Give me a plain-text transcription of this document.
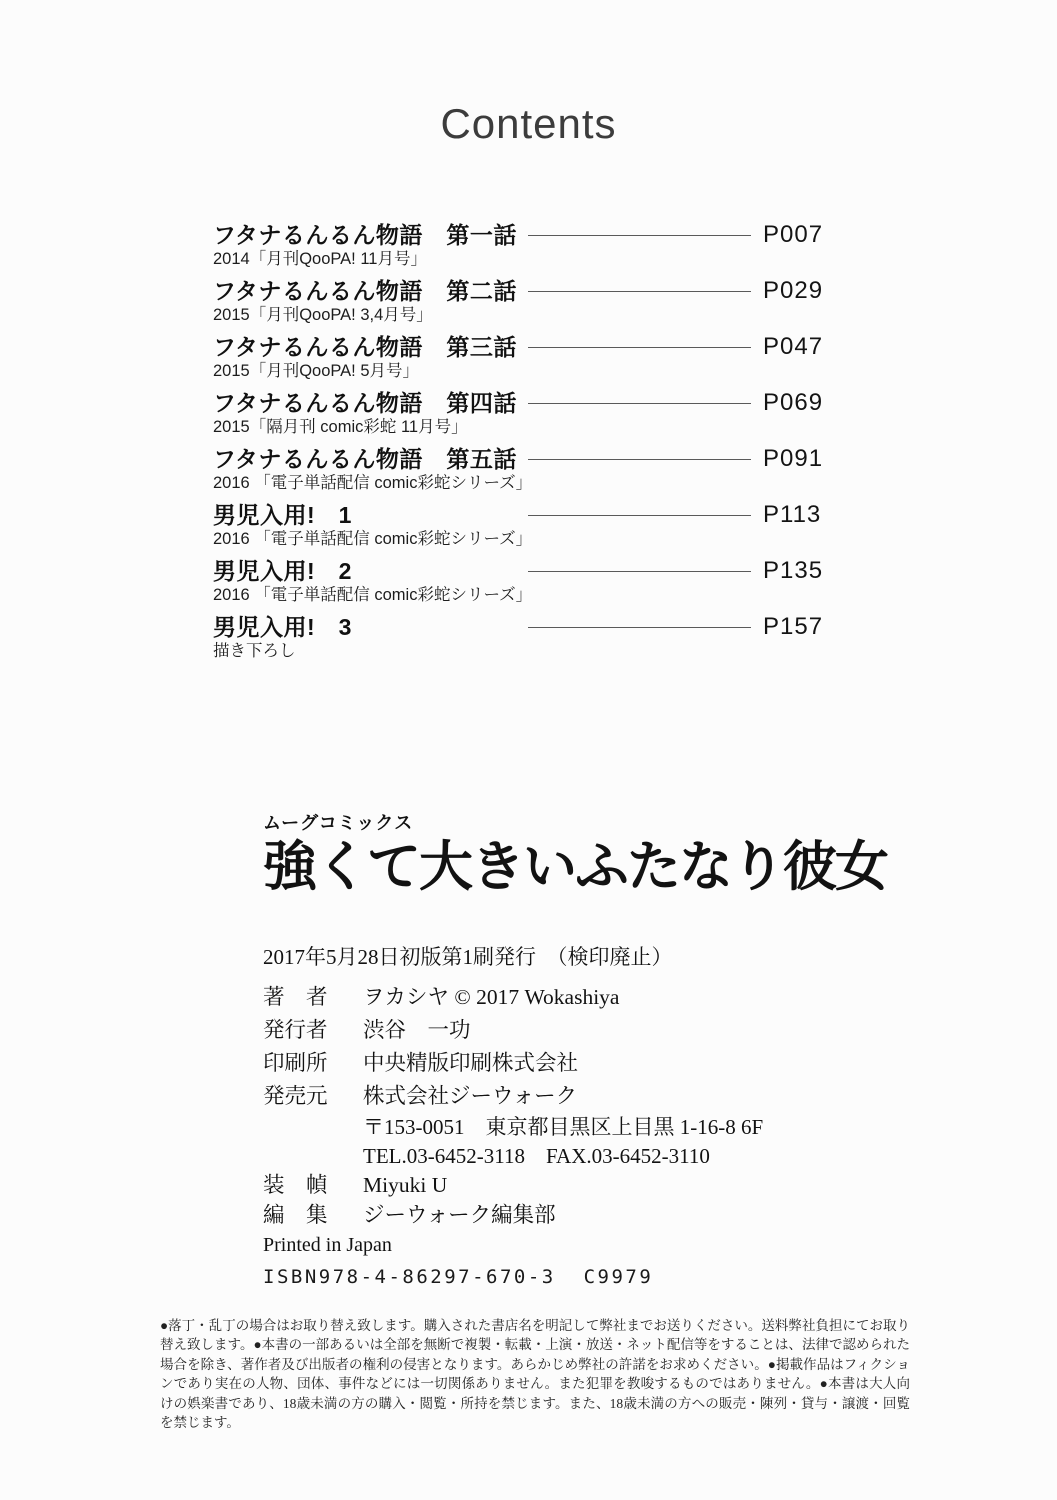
Contents
フタナるんるん物語　第一話	P007
2014「月刊QooPA! 11月号」
フタナるんるん物語　第二話	P029
2015「月刊QooPA! 3,4月号」
フタナるんるん物語　第三話	P047
2015「月刊QooPA! 5月号」
フタナるんるん物語　第四話	P069
2015「隔月刊 comic彩蛇 11月号」
フタナるんるん物語　第五話	P091
2016 「電子単話配信 comic彩蛇シリーズ」
男児入用!　1	P113
2016 「電子単話配信 comic彩蛇シリーズ」
男児入用!　2	P135
2016 「電子単話配信 comic彩蛇シリーズ」
男児入用!　3	P157
描き下ろし
ムーグコミックス
強くて大きいふたなり彼女
2017年5月28日初版第1刷発行　（検印廃止）
著　者 ヲカシヤ © 2017 Wokashiya
発行者 渋谷　一功
印刷所 中央精版印刷株式会社
発売元 株式会社ジーウォーク
〒153-0051　東京都目黒区上目黒 1-16-8 6F
TEL.03-6452-3118　FAX.03-6452-3110
装　幀 Miyuki U
編　集 ジーウォーク編集部
Printed in Japan
ISBN978-4-86297-670-3  C9979

●落丁・乱丁の場合はお取り替え致します。購入された書店名を明記して弊社までお送りください。送料弊社負担にてお取り替え致します。●本書の一部あるいは全部を無断で複製・転載・上演・放送・ネット配信等をすることは、法律で認められた場合を除き、著作者及び出版者の権利の侵害となります。あらかじめ弊社の許諾をお求めください。●掲載作品はフィクションであり実在の人物、団体、事件などには一切関係ありません。また犯罪を教唆するものではありません。●本書は大人向けの娯楽書であり、18歳未満の方の購入・閲覧・所持を禁じます。また、18歳未満の方への販売・陳列・貸与・譲渡・回覧を禁じます。
